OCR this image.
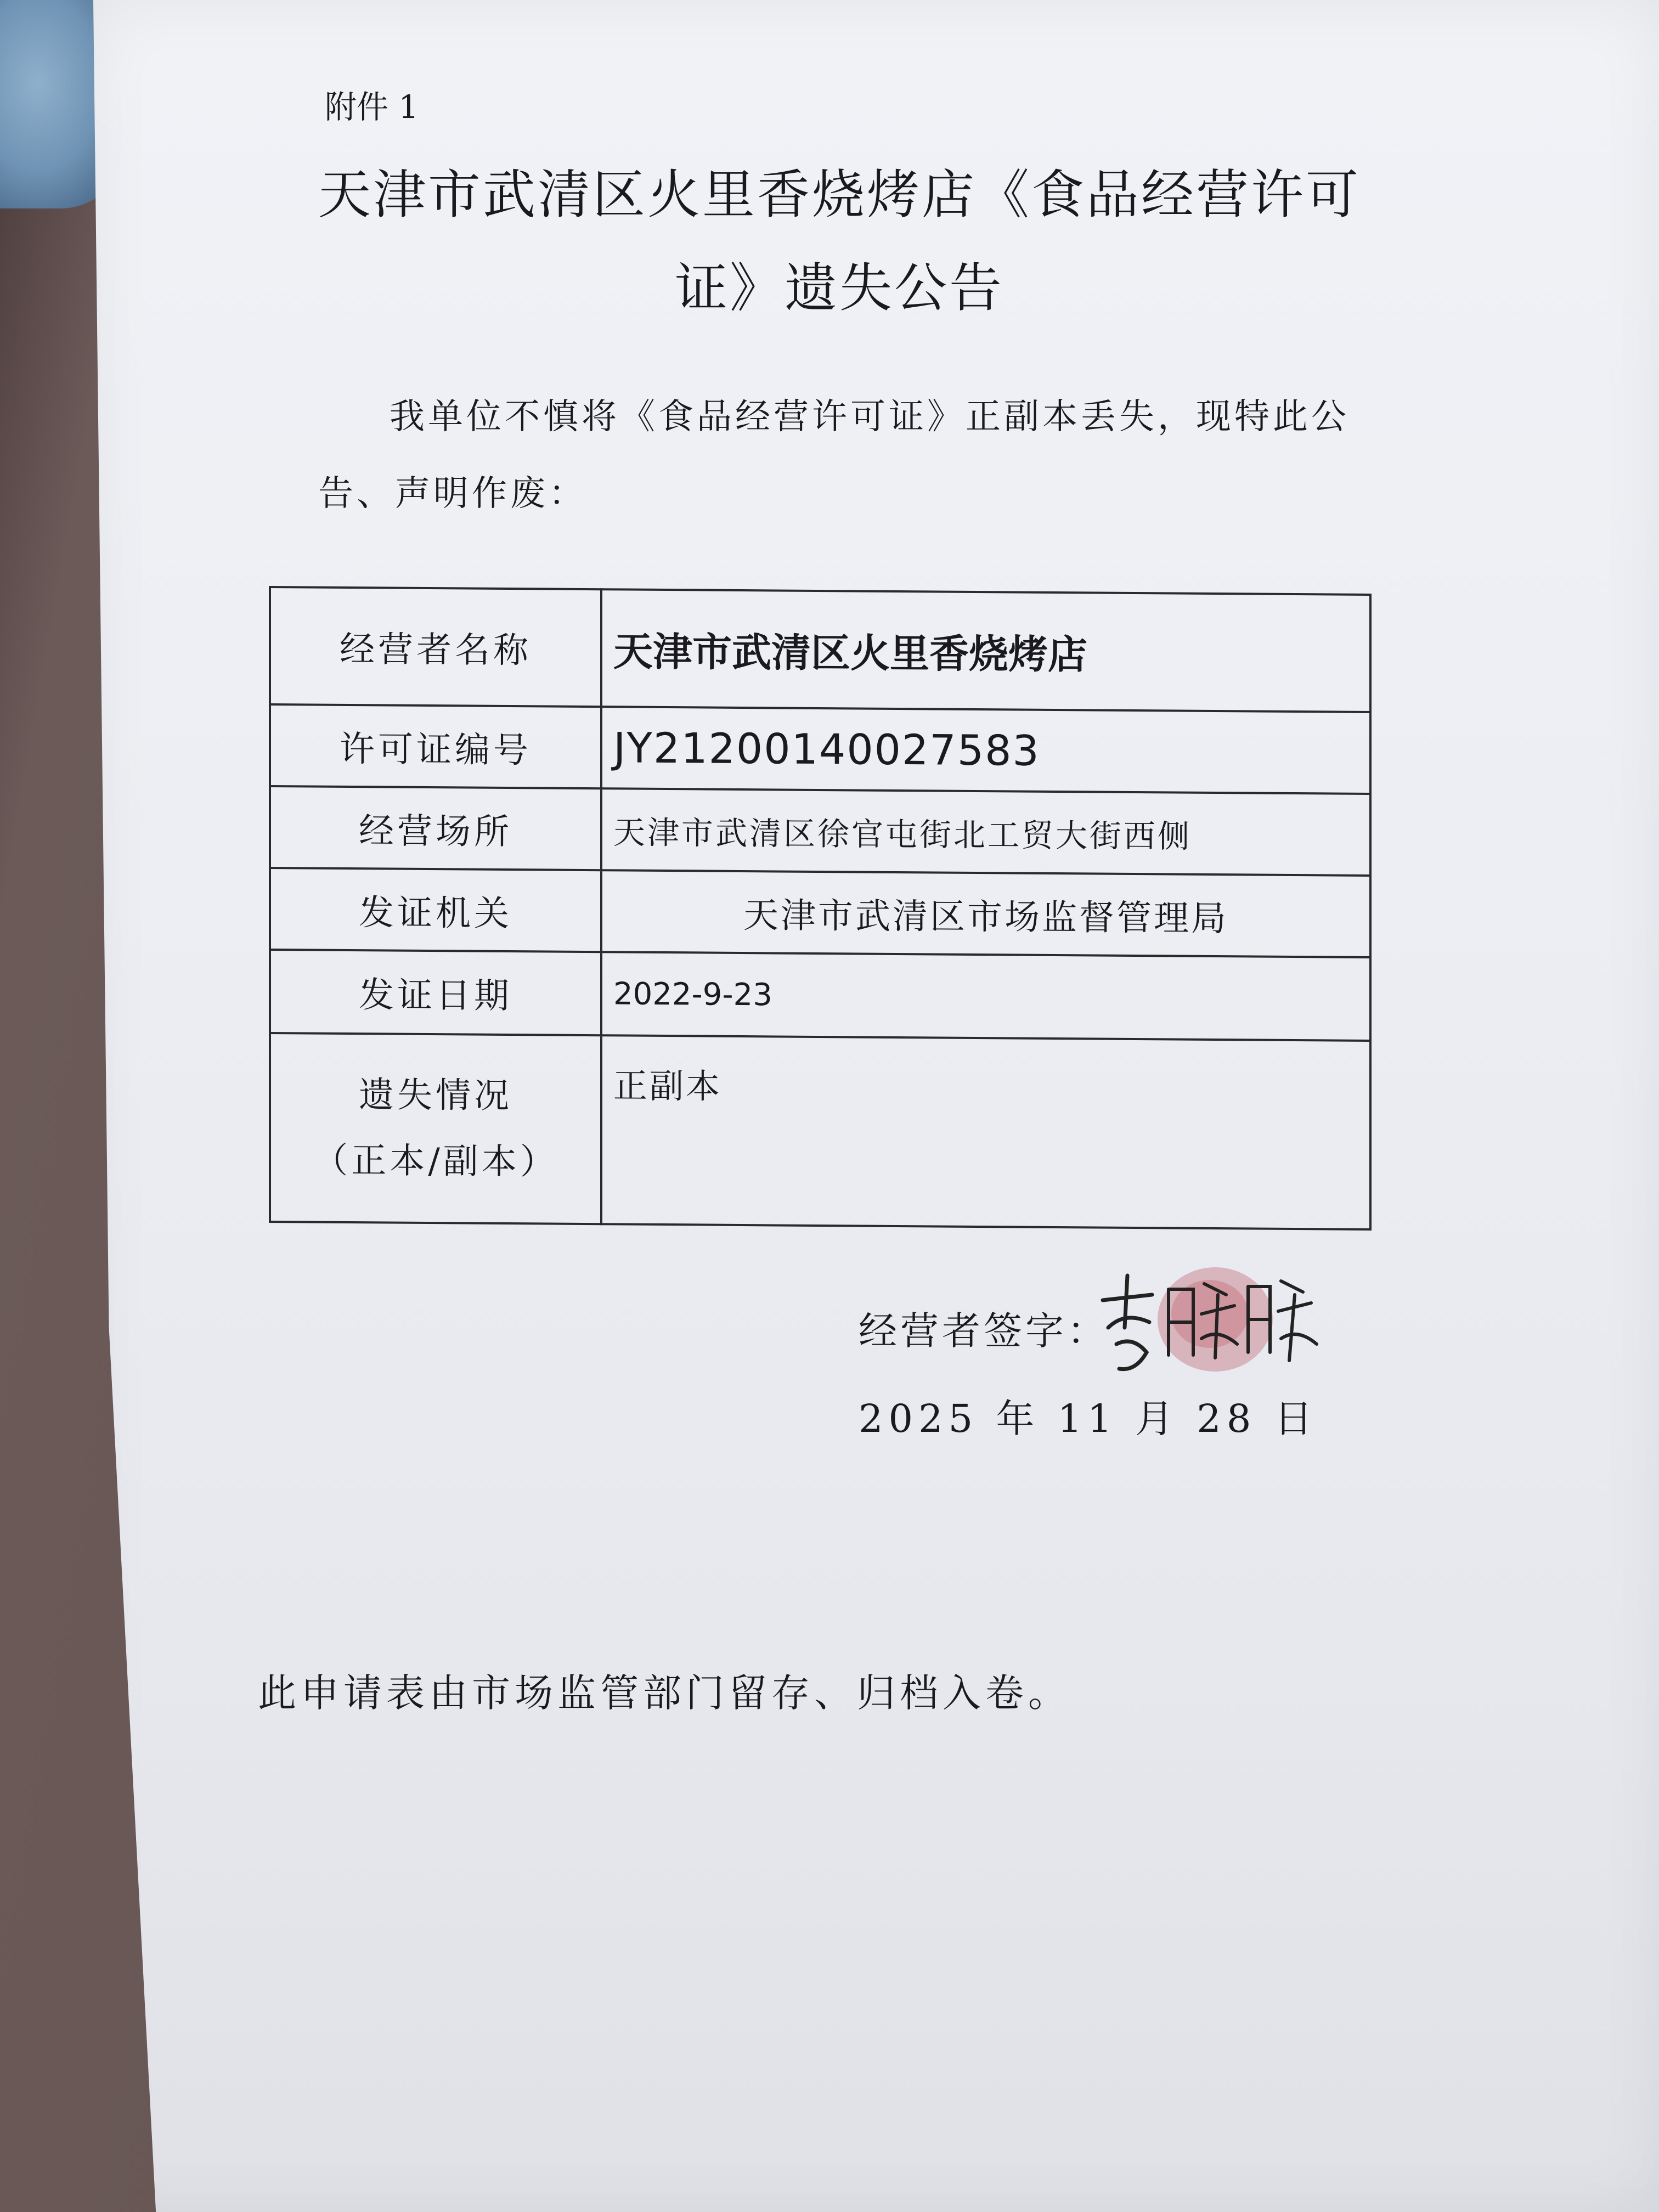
附件 1
天津市武清区火里香烧烤店《食品经营许可证》遗失公告
我单位不慎将《食品经营许可证》正副本丢失，现特此公告、声明作废：
经营者名称	天津市武清区火里香烧烤店
许可证编号	JY21200140027583
经营场所	天津市武清区徐官屯街北工贸大街西侧
发证机关	天津市武清区市场监督管理局
发证日期	2022-9-23

遗失情况
（正本/副本）	正副本
经营者签字：
2025 年 11 月 28 日
此申请表由市场监管部门留存、归档入卷。
